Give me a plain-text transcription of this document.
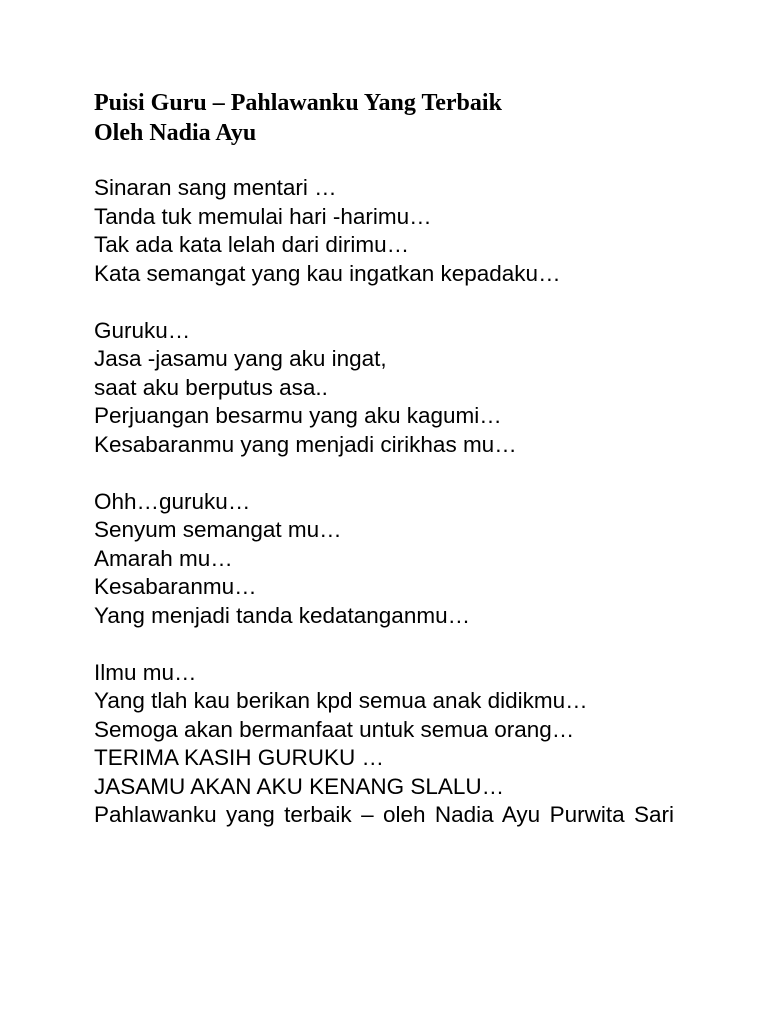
Puisi Guru – Pahlawanku Yang Terbaik
Oleh Nadia Ayu
Sinaran sang mentari …
Tanda tuk memulai hari -harimu…
Tak ada kata lelah dari dirimu…
Kata semangat yang kau ingatkan kepadaku…
Guruku…
Jasa -jasamu yang aku ingat,
saat aku berputus asa..
Perjuangan besarmu yang aku kagumi…
Kesabaranmu yang menjadi cirikhas mu…
Ohh…guruku…
Senyum semangat mu…
Amarah mu…
Kesabaranmu…
Yang menjadi tanda kedatanganmu…
Ilmu mu…
Yang tlah kau berikan kpd semua anak didikmu…
Semoga akan bermanfaat untuk semua orang…
TERIMA KASIH GURUKU …
JASAMU AKAN AKU KENANG SLALU…
Pahlawanku yang terbaik – oleh Nadia Ayu Purwita Sari
